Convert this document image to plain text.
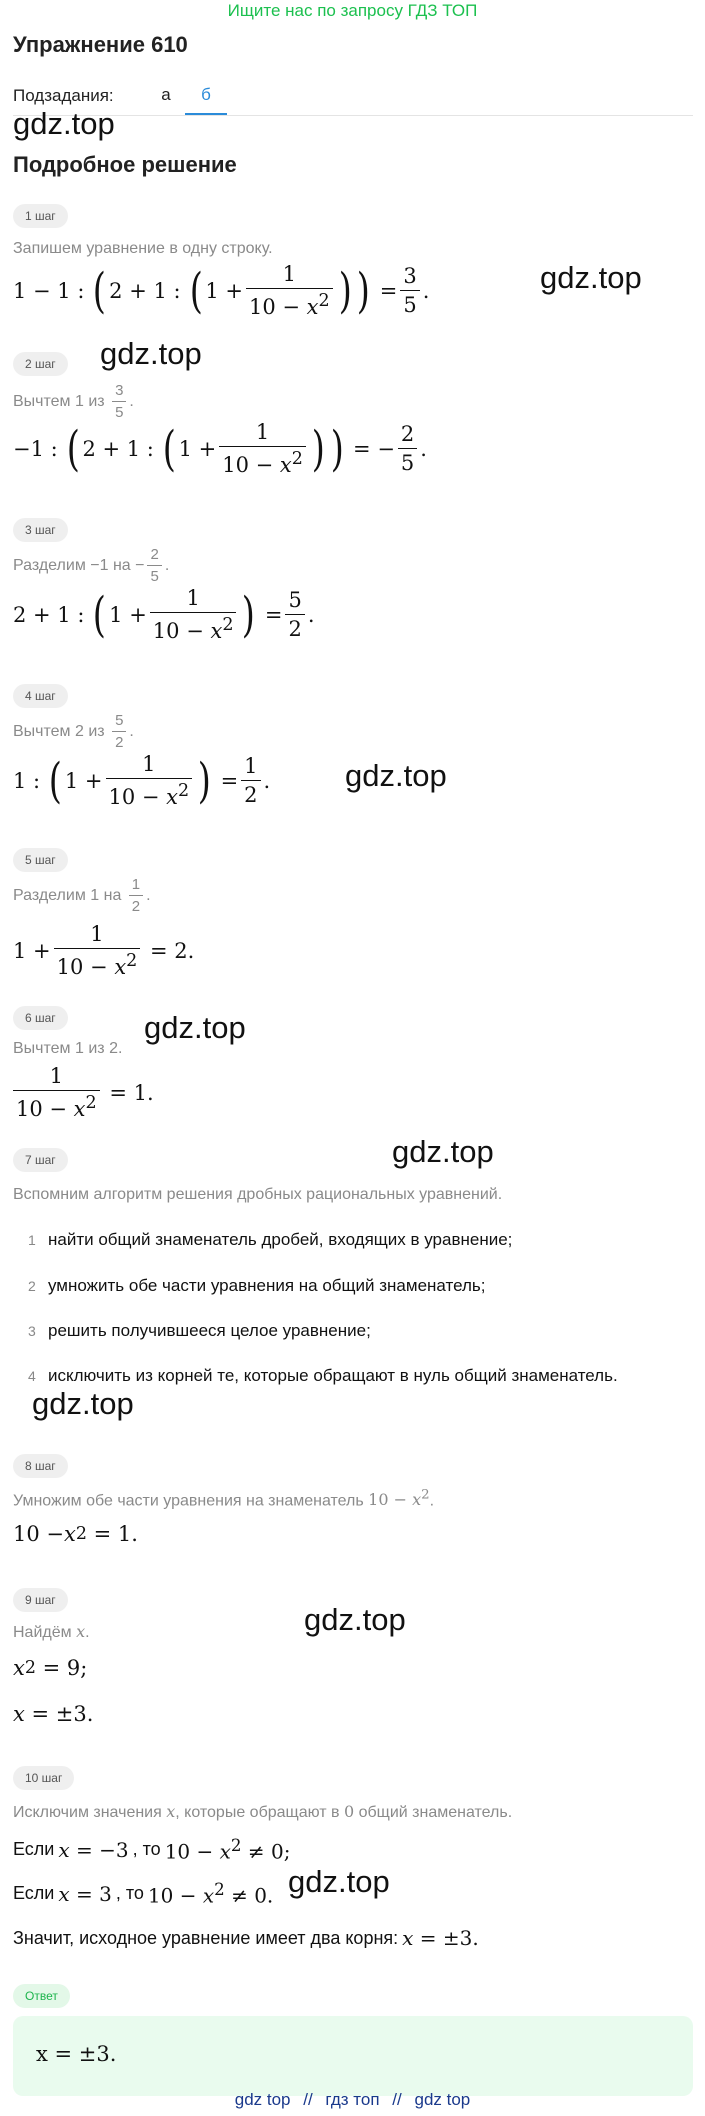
Ищите нас по запросу ГДЗ ТОП
Упражнение 610
Подзадания:	а	б
Подробное решение
gdz.top
gdz.top
gdz.top
gdz.top
gdz.top
gdz.top
gdz.top
gdz.top
gdz.top
1 шаг
Запишем уравнение в одну строку.
1 − 1 : ( 2 + 1 : ( $1 + \frac{1}{10 - x^2}$ ) ) = $\frac{3}{5}$ .
2 шаг
Вычтем 1 из
$\frac{3}{5}$ .
−1 : ( 2 + 1 : ( $1 + \frac{1}{10 - x^2}$ ) ) = − $\frac{2}{5}$ .
3 шаг
Разделим −1 на − $\frac{2}{5}$ .
2 + 1 : ( $1 + \frac{1}{10 - x^2}$ ) = $\frac{5}{2}$ .
4 шаг
Вычтем 2 из
$\frac{5}{2}$ .
1 : ( $1 + \frac{1}{10 - x^2}$ ) = $\frac{1}{2}$ .
5 шаг
Разделим 1 на
$\frac{1}{2}$ .
$1 + \frac{1}{10 - x^2} = 2$.
6 шаг
Вычтем 1 из 2.
$\frac{1}{10 - x^2} = 1$.
7 шаг
Вспомним алгоритм решения дробных рациональных уравнений.
1 найти общий знаменатель дробей, входящих в уравнение;
2 умножить обе части уравнения на общий знаменатель;
3 решить получившееся целое уравнение;
4 исключить из корней те, которые обращают в нуль общий знаменатель.
8 шаг
Умножим обе части уравнения на знаменатель $10 - x^2$.
10 − x 2 = 1.
9 шаг
Найдём x.
x 2 = 9;
x = ±3.
10 шаг
Исключим значения x, которые обращают в 0 общий знаменатель.
Если x = −3 , то $10 - x^2 \ne 0$;
Если x = 3 , то $10 - x^2 \ne 0$.
Значит, исходное уравнение имеет два корня: x = ±3.
Ответ
x = ±3.
gdz top // гдз топ // gdz top
